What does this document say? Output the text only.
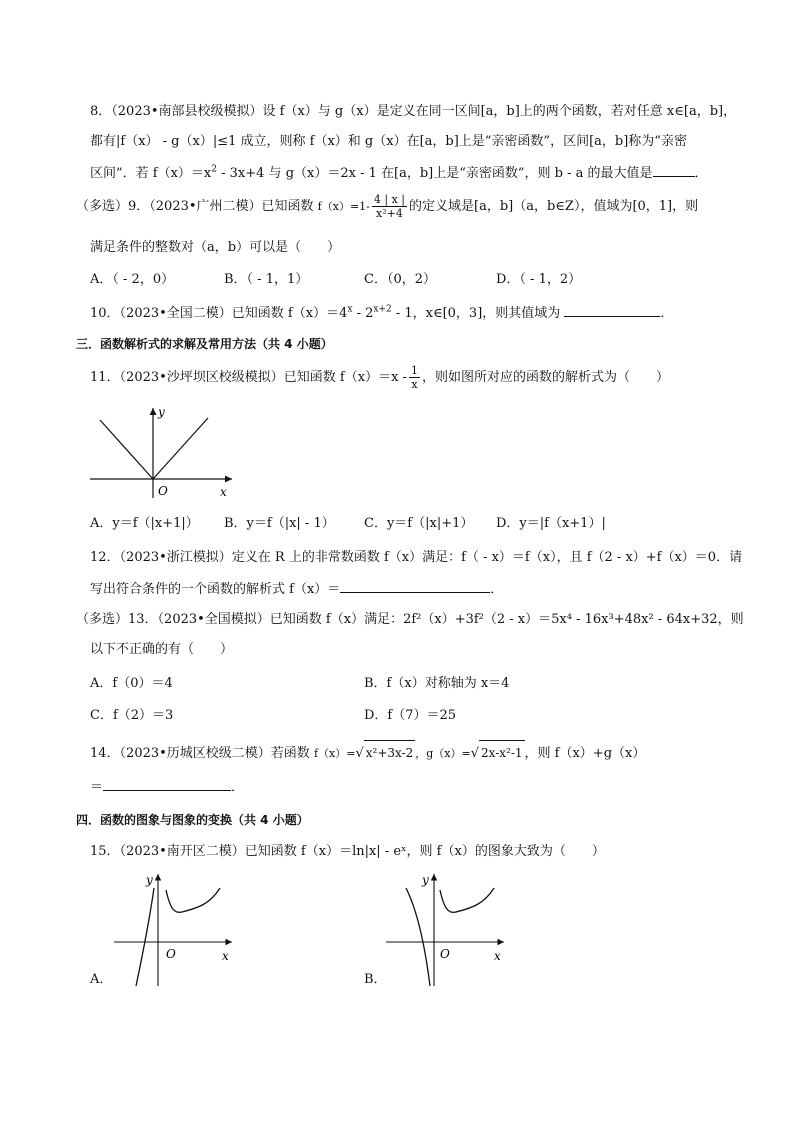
8．（2023•南部县校级模拟）设 f（x）与 g（x）是定义在同一区间[a，b]上的两个函数，若对任意 x∈[a，b]，
都有|f（x） - g（x）|≤1 成立，则称 f（x）和 g（x）在[a，b]上是“亲密函数”，区间[a，b]称为“亲密
区间”．若 $f(x)=x^2 - 3x+4$ 与 g（x）＝2x - 1 在[a，b]上是“亲密函数”，则 b - a 的最大值是	．
（多选）9．（2023•广州二模）已知函数 $f(x)=1- \frac{4 | x |}{\text{x²+4}}$ 的定义域是[a，b]（a，b∈Z），值域为[0，1]，则
满足条件的整数对（a，b）可以是（　　）
A．（ - 2，0）	B．（ - 1，1）	C．（0，2）	D．（ - 1，2）
10．（2023•全国二模）已知函数 $f(x)=4^x - 2^{x+2} - 1$，x∈[0，3]，则其值域为	．
三．函数解析式的求解及常用方法（共 4 小题）
11．（2023•沙坪坝区校级模拟）已知函数 $f(x)=x - \frac{1}{x}$ ，则如图所对应的函数的解析式为（　　）
y
x
O
A．y＝f（|x+1|） B．y＝f（|x| - 1） C．y＝f（|x|+1） D．y＝|f（x+1）|
12．（2023•浙江模拟）定义在 R 上的非常数函数 f（x）满足：f（ - x）＝f（x），且 f（2 - x）+f（x）＝0．请
写出符合条件的一个函数的解析式 f（x）＝	．
（多选）13．（2023•全国模拟）已知函数 f（x）满足：2f²（x）+3f²（2 - x）＝5x⁴ - 16x³+48x² - 64x+32，则
以下不正确的有（　　）
A．f（0）＝4	B．f（x）对称轴为 x＝4
C．f（2）＝3	D．f（7）＝25
14．（2023•历城区校级二模）若函数 f（x）=√ x²+3x-2 ，g（x）=√ 2x-x²-1 ，则 f（x）+g（x）
＝	．
四．函数的图象与图象的变换（共 4 小题）
15．（2023•南开区二模）已知函数 f（x）＝ln|x| - eˣ，则 f（x）的图象大致为（　　）
y
x
O
A．
y
x
O
B．
